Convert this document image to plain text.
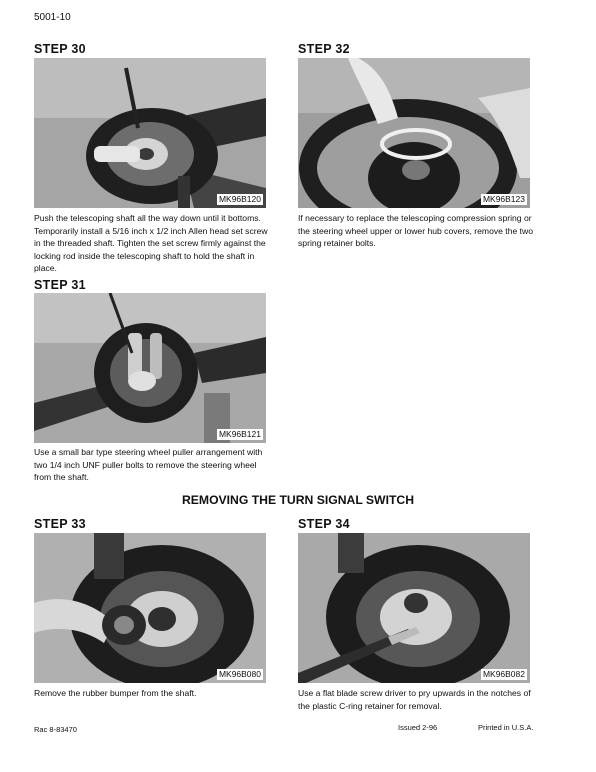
5001-10
STEP 30
MK96B120
Push the telescoping shaft all the way down until it bottoms. Temporarily install a 5/16 inch x 1/2 inch Allen head set screw in the threaded shaft. Tighten the set screw firmly against the locking rod inside the telescoping shaft to hold the shaft in place.
STEP 31
MK96B121
Use a small bar type steering wheel puller arrangement with two 1/4 inch UNF puller bolts to remove the steering wheel from the shaft.
STEP 32
MK96B123
If necessary to replace the telescoping compression spring or the steering wheel upper or lower hub covers, remove the two spring retainer bolts.
REMOVING THE TURN SIGNAL SWITCH
STEP 33
MK96B080
Remove the rubber bumper from the shaft.
STEP 34
MK96B082
Use a flat blade screw driver to pry upwards in the notches of the plastic C-ring retainer for removal.
Rac 8-83470	Issued 2-96	Printed in U.S.A.
